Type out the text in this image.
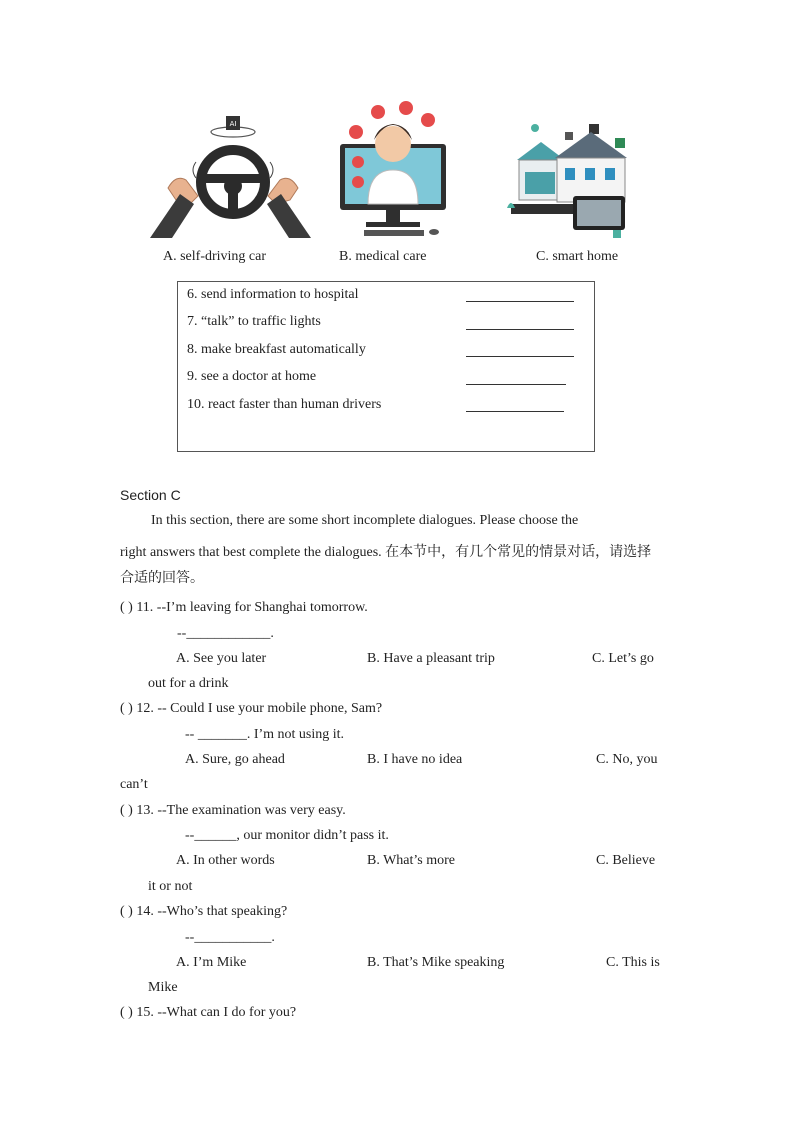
AI
A. self-driving car	B. medical care	C. smart home
6. send information to hospital
7. “talk” to traffic lights
8. make breakfast automatically
9. see a doctor at home
10. react faster than human drivers
Section C
In this section, there are some short incomplete dialogues. Please choose the
right answers that best complete the dialogues. 在本节中，有几个常见的情景对话，请选择
合适的回答。
( ) 11. --I’m leaving for Shanghai tomorrow.
--____________.
A. See you later	B. Have a pleasant trip	C. Let’s go
out for a drink
( ) 12. -- Could I use your mobile phone, Sam?
-- _______. I’m not using it.
A. Sure, go ahead	B. I have no idea	C. No, you
can’t
( ) 13. --The examination was very easy.
--______, our monitor didn’t pass it.
A. In other words	B. What’s more	C. Believe
it or not
( ) 14. --Who’s that speaking?
--___________.
A. I’m Mike	B. That’s Mike speaking	C. This is
Mike
( ) 15. --What can I do for you?
